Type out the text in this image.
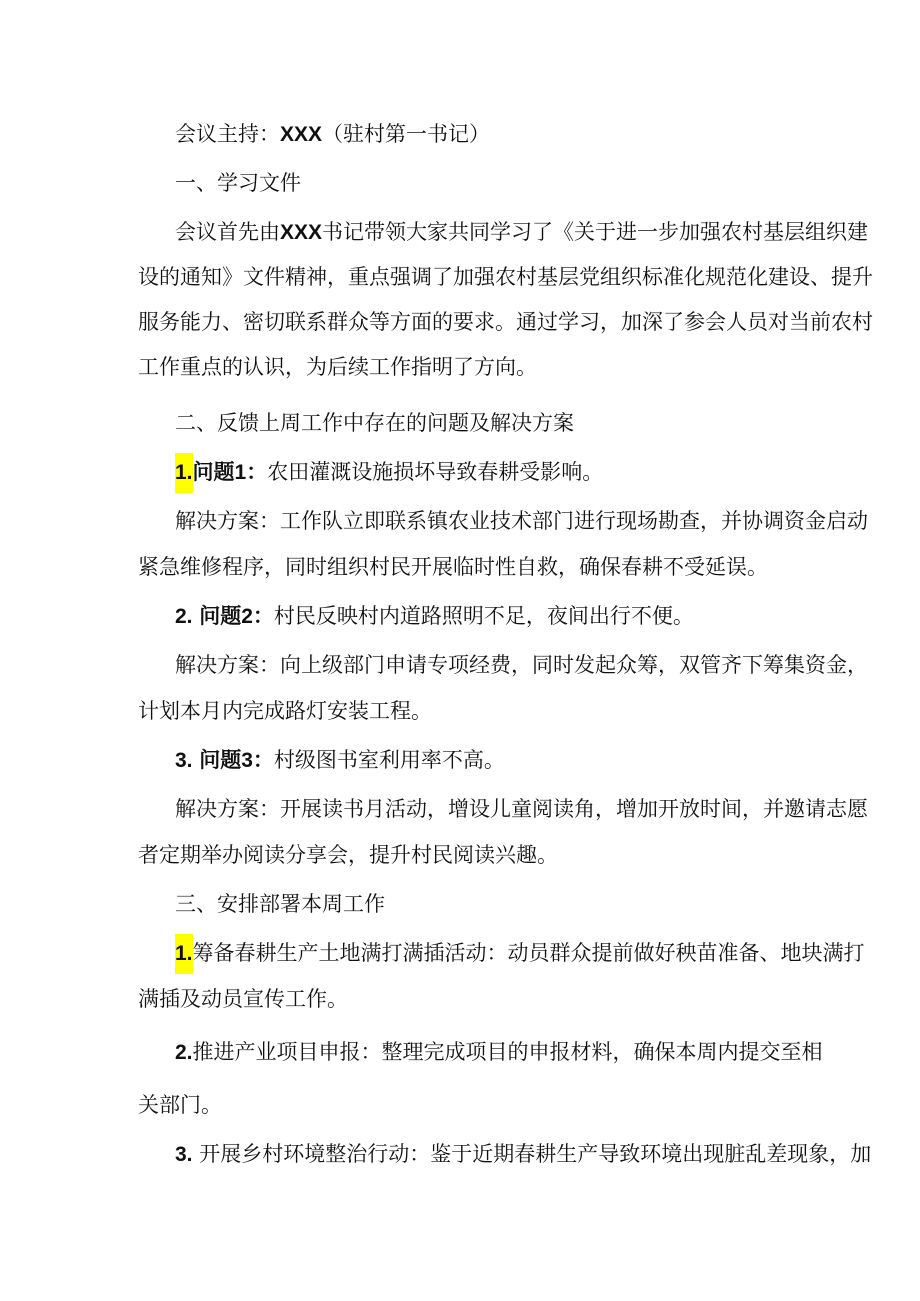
会议主持：XXX（驻村第一书记）
一、学习文件
会议首先由XXX书记带领大家共同学习了《关于进一步加强农村基层组织建
设的通知》文件精神，重点强调了加强农村基层党组织标准化规范化建设、提升
服务能力、密切联系群众等方面的要求。通过学习，加深了参会人员对当前农村
工作重点的认识，为后续工作指明了方向。
二、反馈上周工作中存在的问题及解决方案
1.问题1：农田灌溉设施损坏导致春耕受影响。
解决方案：工作队立即联系镇农业技术部门进行现场勘查，并协调资金启动
紧急维修程序，同时组织村民开展临时性自救，确保春耕不受延误。
2. 问题2：村民反映村内道路照明不足，夜间出行不便。
解决方案：向上级部门申请专项经费，同时发起众筹，双管齐下筹集资金，
计划本月内完成路灯安装工程。
3. 问题3：村级图书室利用率不高。
解决方案：开展读书月活动，增设儿童阅读角，增加开放时间，并邀请志愿
者定期举办阅读分享会，提升村民阅读兴趣。
三、安排部署本周工作
1.筹备春耕生产土地满打满插活动：动员群众提前做好秧苗准备、地块满打
满插及动员宣传工作。
2.推进产业项目申报：整理完成项目的申报材料，确保本周内提交至相
关部门。
3. 开展乡村环境整治行动：鉴于近期春耕生产导致环境出现脏乱差现象，加
